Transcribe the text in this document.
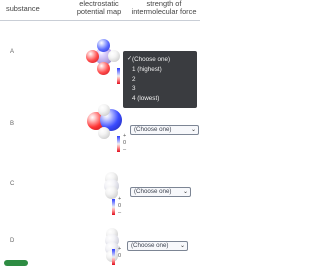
substance
electrostatic potential map
strength of intermolecular force
A
✓ (Choose one)
1 (highest)
2
3
4 (lowest)
B
+
0
–
(Choose one)	⌄
C
+
0
–
(Choose one) ⌄
D
+
0
(Choose one) ⌄
